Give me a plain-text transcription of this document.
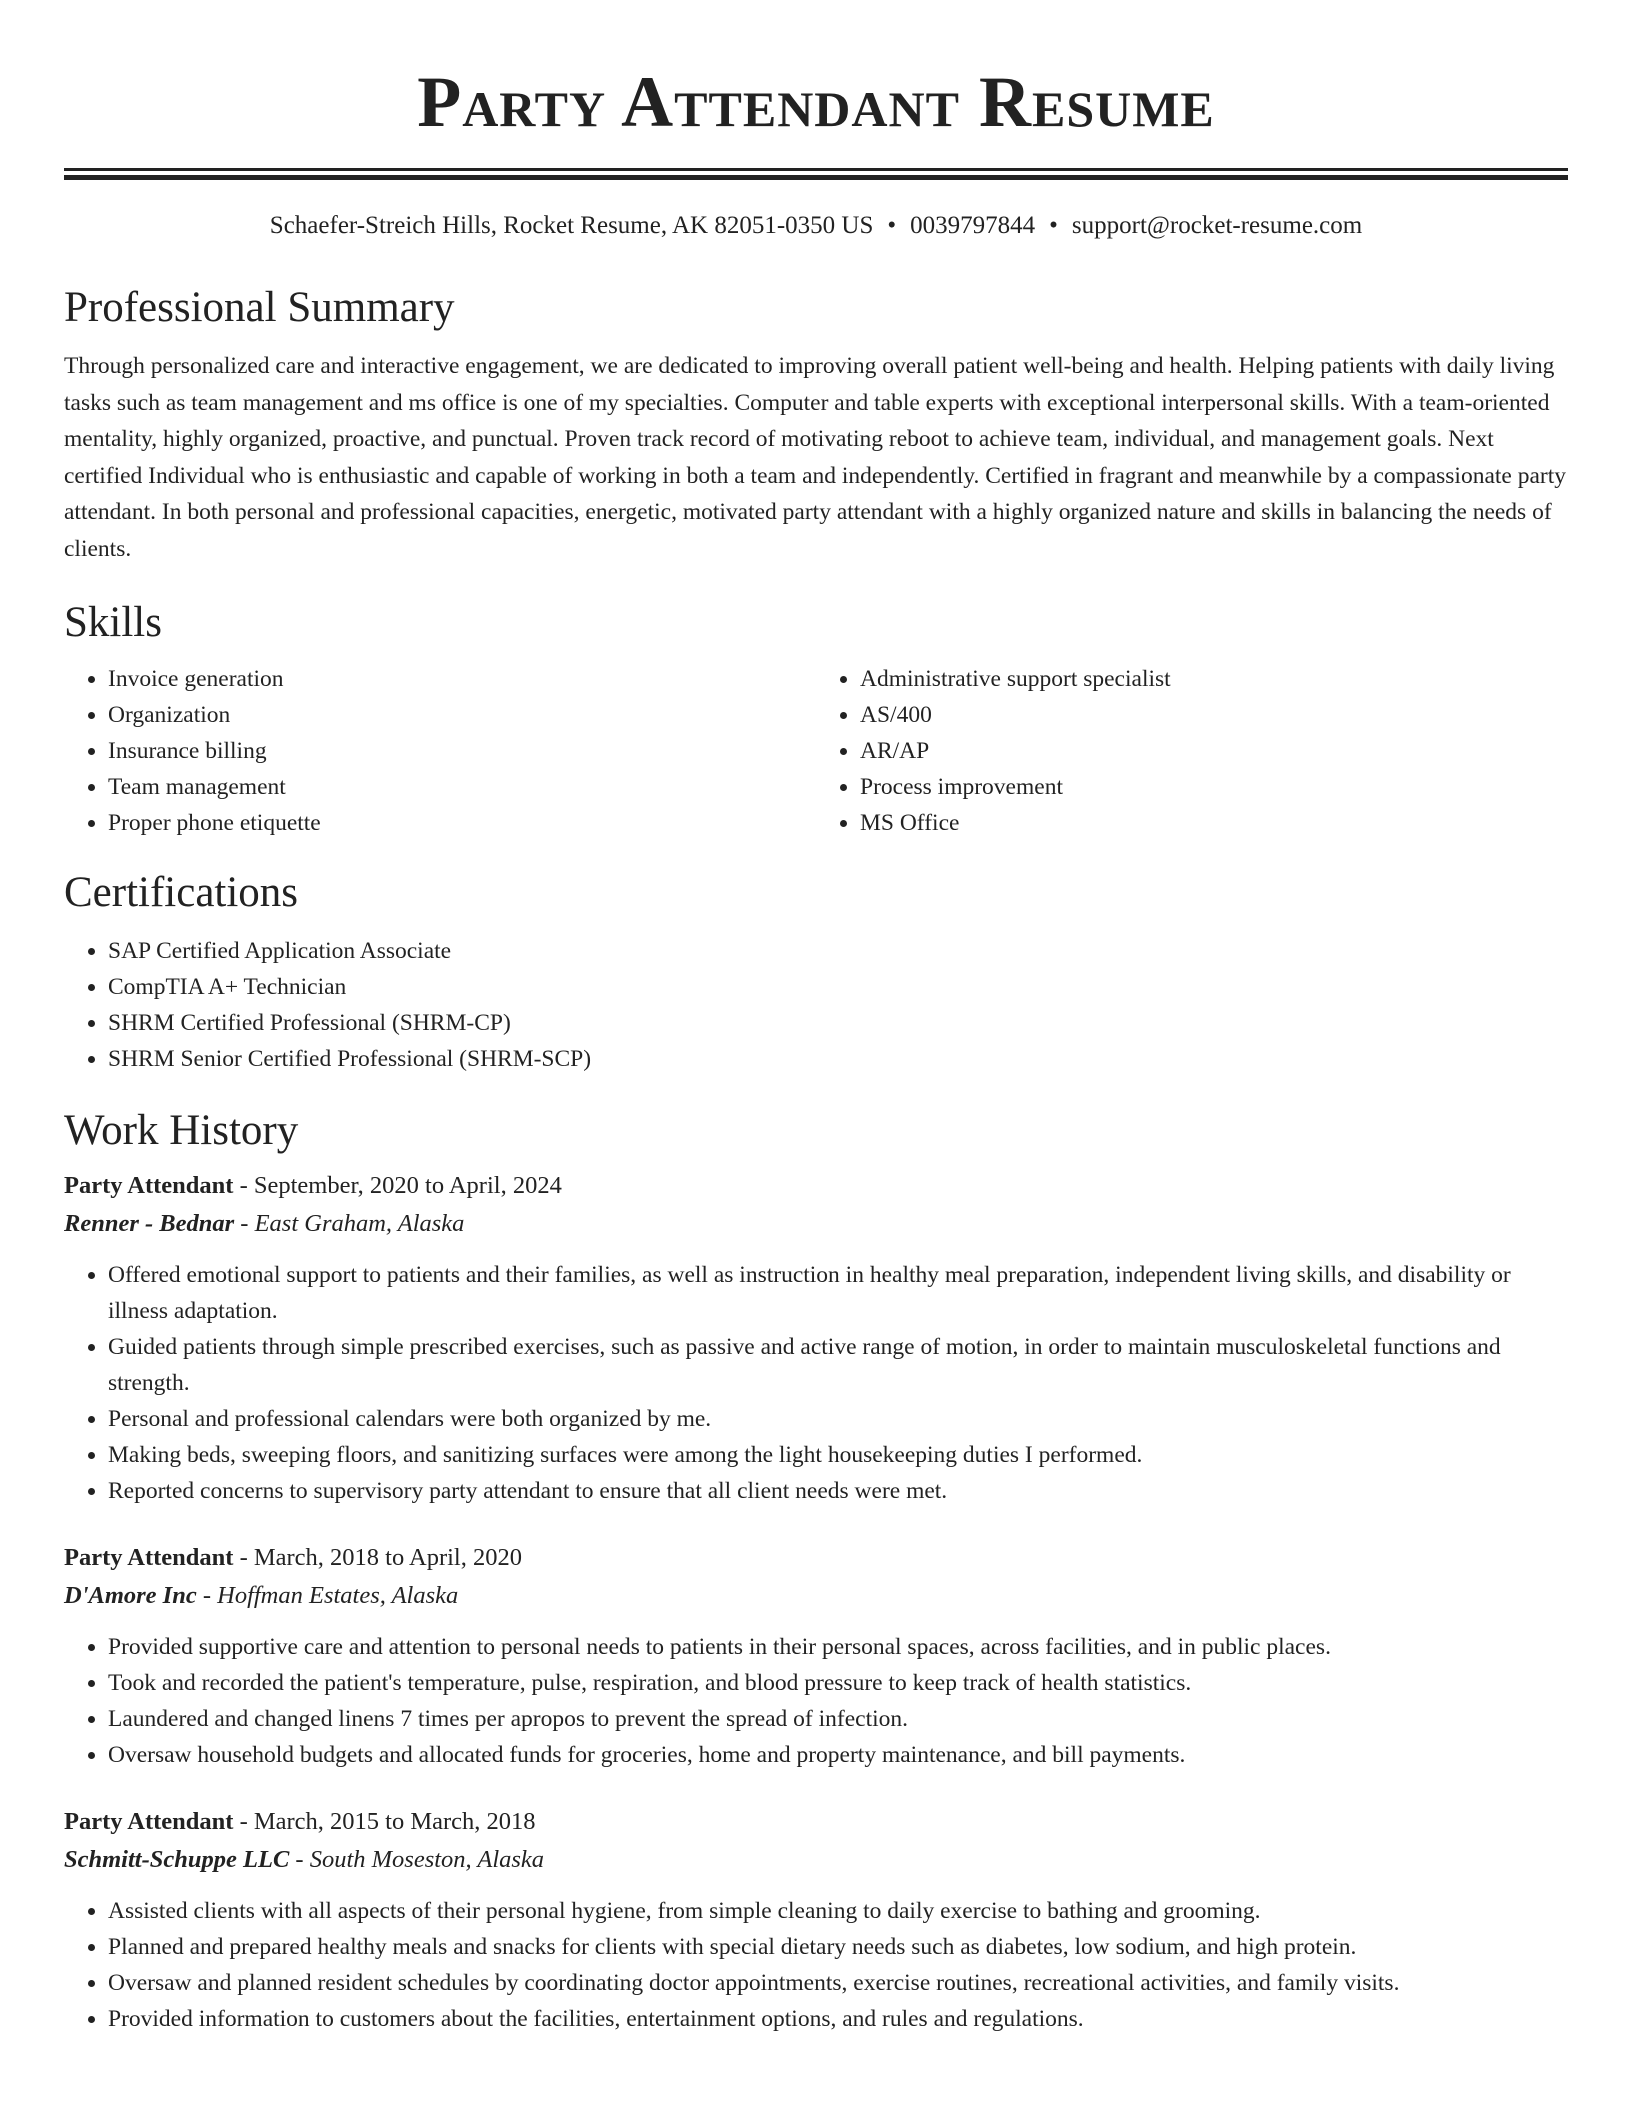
Party Attendant Resume
Schaefer-Streich Hills, Rocket Resume, AK 82051-0350 US • 0039797844 • support@rocket-resume.com
Professional Summary

Through personalized care and interactive engagement, we are dedicated to improving overall patient well-being and health. Helping patients with daily living tasks such as team management and ms office is one of my specialties. Computer and table experts with exceptional interpersonal skills. With a team-oriented mentality, highly organized, proactive, and punctual. Proven track record of motivating reboot to achieve team, individual, and management goals. Next certified Individual who is enthusiastic and capable of working in both a team and independently. Certified in fragrant and meanwhile by a compassionate party attendant. In both personal and professional capacities, energetic, motivated party attendant with a highly organized nature and skills in balancing the needs of clients.

Skills
• Invoice generation
• Organization
• Insurance billing
• Team management
• Proper phone etiquette
• Administrative support specialist
• AS/400
• AR/AP
• Process improvement
• MS Office
Certifications
• SAP Certified Application Associate
• CompTIA A+ Technician
• SHRM Certified Professional (SHRM-CP)
• SHRM Senior Certified Professional (SHRM-SCP)
Work History
Party Attendant - September, 2020 to April, 2024
Renner - Bednar - East Graham, Alaska
• Offered emotional support to patients and their families, as well as instruction in healthy meal preparation, independent living skills, and disability or illness adaptation.
• Guided patients through simple prescribed exercises, such as passive and active range of motion, in order to maintain musculoskeletal functions and strength.
• Personal and professional calendars were both organized by me.
• Making beds, sweeping floors, and sanitizing surfaces were among the light housekeeping duties I performed.
• Reported concerns to supervisory party attendant to ensure that all client needs were met.
Party Attendant - March, 2018 to April, 2020
D'Amore Inc - Hoffman Estates, Alaska
• Provided supportive care and attention to personal needs to patients in their personal spaces, across facilities, and in public places.
• Took and recorded the patient's temperature, pulse, respiration, and blood pressure to keep track of health statistics.
• Laundered and changed linens 7 times per apropos to prevent the spread of infection.
• Oversaw household budgets and allocated funds for groceries, home and property maintenance, and bill payments.
Party Attendant - March, 2015 to March, 2018
Schmitt-Schuppe LLC - South Moseston, Alaska
• Assisted clients with all aspects of their personal hygiene, from simple cleaning to daily exercise to bathing and grooming.
• Planned and prepared healthy meals and snacks for clients with special dietary needs such as diabetes, low sodium, and high protein.
• Oversaw and planned resident schedules by coordinating doctor appointments, exercise routines, recreational activities, and family visits.
• Provided information to customers about the facilities, entertainment options, and rules and regulations.
